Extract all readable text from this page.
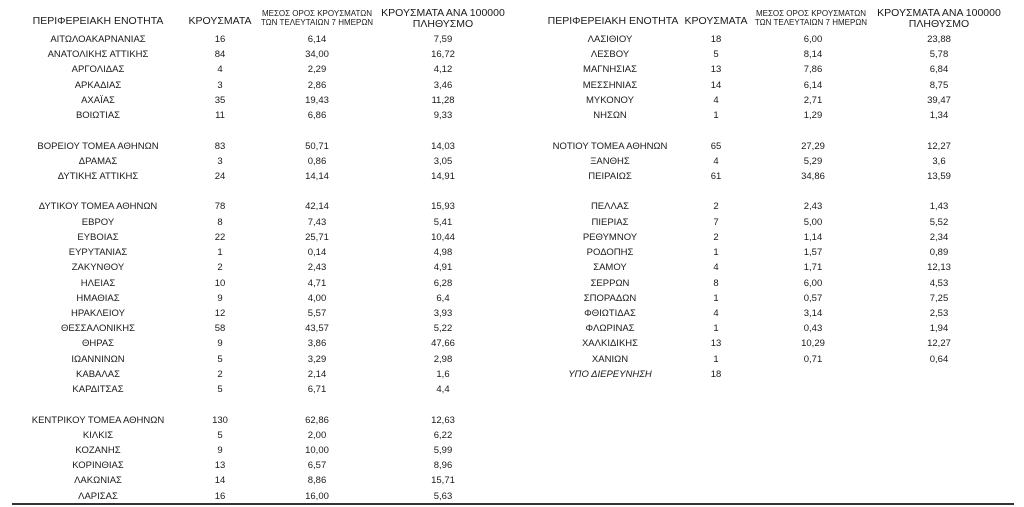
ΠΕΡΙΦΕΡΕΙΑΚΗ ΕΝΟΤΗΤΑ	ΚΡΟΥΣΜΑΤΑ
ΜΕΣΟΣ ΟΡΟΣ ΚΡΟΥΣΜΑΤΩΝ
ΤΩΝ ΤΕΛΕΥΤΑΙΩΝ 7 ΗΜΕΡΩΝ
ΚΡΟΥΣΜΑΤΑ ΑΝΑ 100000
ΠΛΗΘΥΣΜΟ	ΠΕΡΙΦΕΡΕΙΑΚΗ ΕΝΟΤΗΤΑ ΚΡΟΥΣΜΑΤΑ
ΜΕΣΟΣ ΟΡΟΣ ΚΡΟΥΣΜΑΤΩΝ
ΤΩΝ ΤΕΛΕΥΤΑΙΩΝ 7 ΗΜΕΡΩΝ
ΚΡΟΥΣΜΑΤΑ ΑΝΑ 100000
ΠΛΗΘΥΣΜΟ
ΑΙΤΩΛΟΑΚΑΡΝΑΝΙΑΣ	16	6,14	7,59
ΑΝΑΤΟΛΙΚΗΣ ΑΤΤΙΚΗΣ	84	34,00	16,72
ΑΡΓΟΛΙΔΑΣ	4	2,29	4,12
ΑΡΚΑΔΙΑΣ	3	2,86	3,46
ΑΧΑΪΑΣ	35	19,43	11,28
ΒΟΙΩΤΙΑΣ	11	6,86	9,33
ΒΟΡΕΙΟΥ ΤΟΜΕΑ ΑΘΗΝΩΝ	83	50,71	14,03
ΔΡΑΜΑΣ	3	0,86	3,05
ΔΥΤΙΚΗΣ ΑΤΤΙΚΗΣ	24	14,14	14,91
ΔΥΤΙΚΟΥ ΤΟΜΕΑ ΑΘΗΝΩΝ	78	42,14	15,93
ΕΒΡΟΥ	8	7,43	5,41
ΕΥΒΟΙΑΣ	22	25,71	10,44
ΕΥΡΥΤΑΝΙΑΣ	1	0,14	4,98
ΖΑΚΥΝΘΟΥ	2	2,43	4,91
ΗΛΕΙΑΣ	10	4,71	6,28
ΗΜΑΘΙΑΣ	9	4,00	6,4
ΗΡΑΚΛΕΙΟΥ	12	5,57	3,93
ΘΕΣΣΑΛΟΝΙΚΗΣ	58	43,57	5,22
ΘΗΡΑΣ	9	3,86	47,66
ΙΩΑΝΝΙΝΩΝ	5	3,29	2,98
ΚΑΒΑΛΑΣ	2	2,14	1,6
ΚΑΡΔΙΤΣΑΣ	5	6,71	4,4
ΚΕΝΤΡΙΚΟΥ ΤΟΜΕΑ ΑΘΗΝΩΝ	130	62,86	12,63
ΚΙΛΚΙΣ	5	2,00	6,22
ΚΟΖΑΝΗΣ	9	10,00	5,99
ΚΟΡΙΝΘΙΑΣ	13	6,57	8,96
ΛΑΚΩΝΙΑΣ	14	8,86	15,71
ΛΑΡΙΣΑΣ	16	16,00	5,63
ΛΑΣΙΘΙΟΥ	18	6,00	23,88
ΛΕΣΒΟΥ	5	8,14	5,78
ΜΑΓΝΗΣΙΑΣ	13	7,86	6,84
ΜΕΣΣΗΝΙΑΣ	14	6,14	8,75
ΜΥΚΟΝΟΥ	4	2,71	39,47
ΝΗΣΩΝ	1	1,29	1,34
ΝΟΤΙΟΥ ΤΟΜΕΑ ΑΘΗΝΩΝ	65	27,29	12,27
ΞΑΝΘΗΣ	4	5,29	3,6
ΠΕΙΡΑΙΩΣ	61	34,86	13,59
ΠΕΛΛΑΣ	2	2,43	1,43
ΠΙΕΡΙΑΣ	7	5,00	5,52
ΡΕΘΥΜΝΟΥ	2	1,14	2,34
ΡΟΔΟΠΗΣ	1	1,57	0,89
ΣΑΜΟΥ	4	1,71	12,13
ΣΕΡΡΩΝ	8	6,00	4,53
ΣΠΟΡΑΔΩΝ	1	0,57	7,25
ΦΘΙΩΤΙΔΑΣ	4	3,14	2,53
ΦΛΩΡΙΝΑΣ	1	0,43	1,94
ΧΑΛΚΙΔΙΚΗΣ	13	10,29	12,27
ΧΑΝΙΩΝ	1	0,71	0,64
ΥΠΟ ΔΙΕΡΕΥΝΗΣΗ	18
